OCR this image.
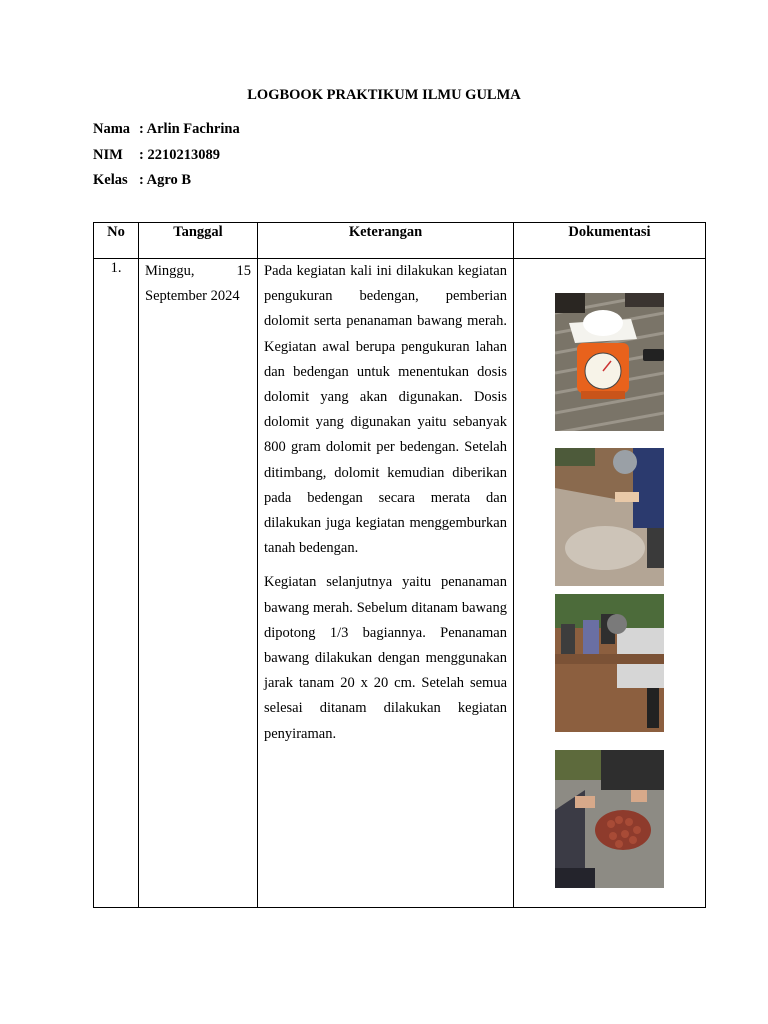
LOGBOOK PRAKTIKUM ILMU GULMA
Nama : Arlin Fachrina
NIM : 2210213089
Kelas : Agro B
No	Tanggal	Keterangan	Dokumentasi

1.	Minggu, 15 September 2024	Pada kegiatan kali ini dilakukan kegiatan pengukuran bedengan, pemberian dolomit serta penanaman bawang merah. Kegiatan awal berupa pengukuran lahan dan bedengan untuk menentukan dosis dolomit yang akan digunakan. Dosis dolomit yang digunakan yaitu sebanyak 800 gram dolomit per bedengan. Setelah ditimbang, dolomit kemudian diberikan pada bedengan secara merata dan dilakukan juga kegiatan menggemburkan tanah bedengan.

Kegiatan selanjutnya yaitu penanaman bawang merah. Sebelum ditanam bawang dipotong 1/3 bagiannya. Penanaman bawang dilakukan dengan menggunakan jarak tanam 20 x 20 cm. Setelah semua selesai ditanam dilakukan kegiatan penyiraman.
